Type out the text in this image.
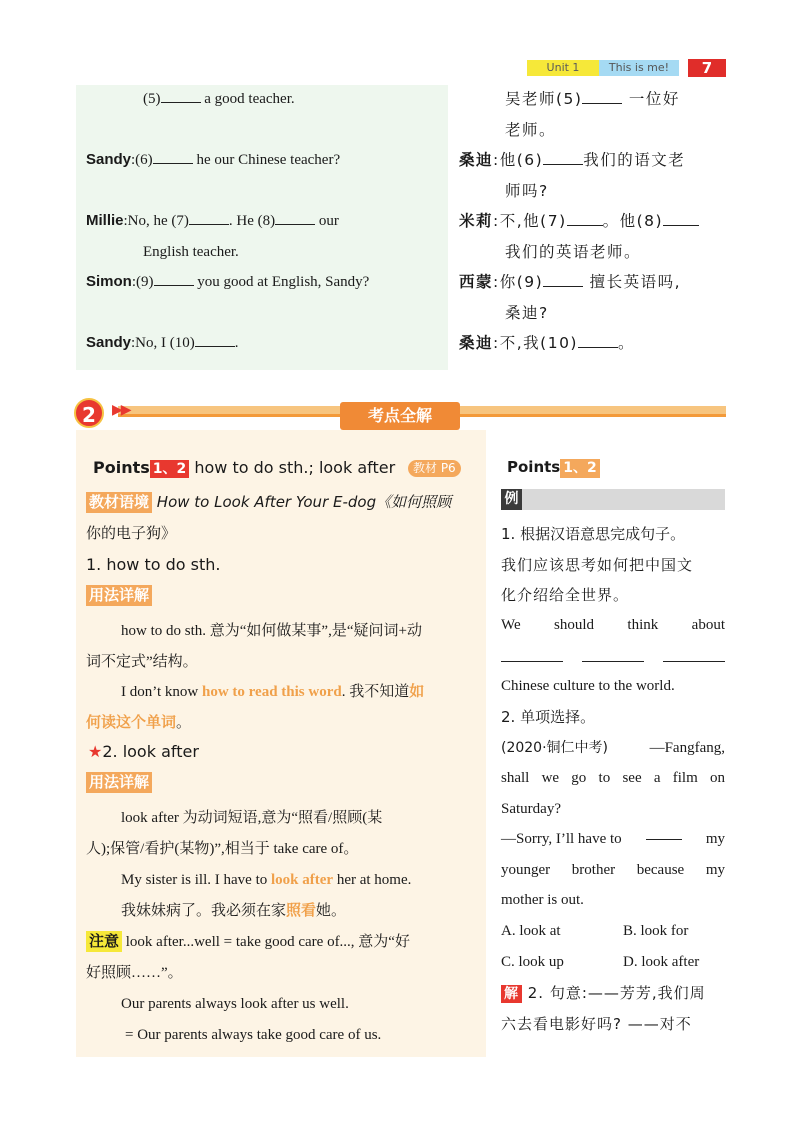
Unit 1	This is me!	7
(5)	a good teacher.
Sandy:(6)	he our Chinese teacher?
Millie:No, he (7)	. He (8)	our
English teacher.
Simon:(9)	you good at English, Sandy?
Sandy:No, I (10)	.
吴老师(5)	一位好
老师。
桑迪:他(6)	我们的语文老
师吗?
米莉:不,他(7) 。他(8)
我们的英语老师。
西蒙:你(9)	擅长英语吗,
桑迪?
桑迪:不,我(10)	。
2	▶▶	考点全解
Points 1、2 how to do sth.; look after	教材 P6
教材语境 How to Look After Your E-dog《如何照顾
你的电子狗》
1. how to do sth.
用法详解
how to do sth. 意为“如何做某事”,是“疑问词+动
词不定式”结构。
I don’t know how to read this word. 我不知道如
何读这个单词。
★2. look after
用法详解
look after 为动词短语,意为“照看/照顾(某
人);保管/看护(某物)”,相当于 take care of。
My sister is ill. I have to look after her at home.
我妹妹病了。我必须在家照看她。
注意 look after...well = take good care of..., 意为“好
好照顾……”。
Our parents always look after us well.
= Our parents always take good care of us.
Points 1、2
例
1. 根据汉语意思完成句子。
我们应该思考如何把中国文
化介绍给全世界。
We should think about
Chinese culture to the world.
2. 单项选择。
(2020·铜仁中考)	—Fangfang,
shall we go to see a film on
Saturday?
—Sorry, I’ll have to	my
younger brother because my
mother is out.
A. look at	B. look for
C. look up	D. look after
解 2. 句意:——芳芳,我们周
六去看电影好吗? ——对不
